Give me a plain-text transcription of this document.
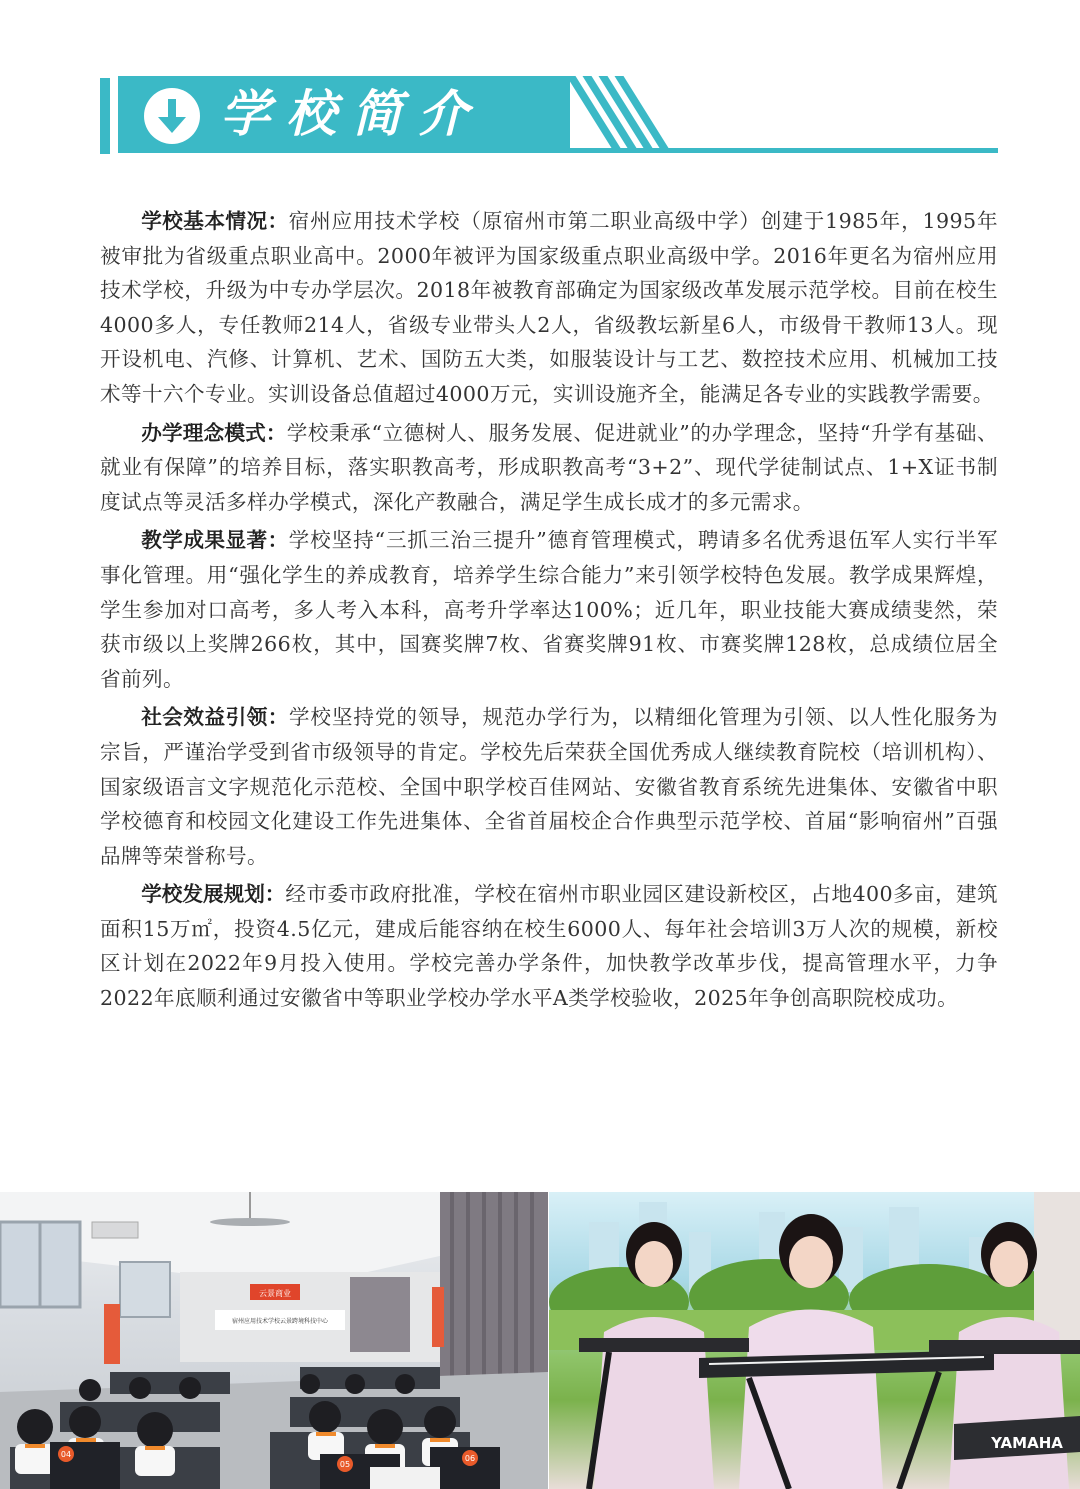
学校简介

学校基本情况：宿州应用技术学校（原宿州市第二职业高级中学）创建于1985年，1995年被审批为省级重点职业高中。2000年被评为国家级重点职业高级中学。2016年更名为宿州应用技术学校，升级为中专办学层次。2018年被教育部确定为国家级改革发展示范学校。目前在校生4000多人，专任教师214人，省级专业带头人2人，省级教坛新星6人，市级骨干教师13人。现开设机电、汽修、计算机、艺术、国防五大类，如服装设计与工艺、数控技术应用、机械加工技术等十六个专业。实训设备总值超过4000万元，实训设施齐全，能满足各专业的实践教学需要。

办学理念模式：学校秉承“立德树人、服务发展、促进就业”的办学理念，坚持“升学有基础、就业有保障”的培养目标，落实职教高考，形成职教高考“3+2”、现代学徒制试点、1+X证书制度试点等灵活多样办学模式，深化产教融合，满足学生成长成才的多元需求。

教学成果显著：学校坚持“三抓三治三提升”德育管理模式，聘请多名优秀退伍军人实行半军事化管理。用“强化学生的养成教育，培养学生综合能力”来引领学校特色发展。教学成果辉煌，学生参加对口高考，多人考入本科，高考升学率达100%；近几年，职业技能大赛成绩斐然，荣获市级以上奖牌266枚，其中，国赛奖牌7枚、省赛奖牌91枚、市赛奖牌128枚，总成绩位居全省前列。

社会效益引领：学校坚持党的领导，规范办学行为，以精细化管理为引领、以人性化服务为宗旨，严谨治学受到省市级领导的肯定。学校先后荣获全国优秀成人继续教育院校（培训机构）、国家级语言文字规范化示范校、全国中职学校百佳网站、安徽省教育系统先进集体、安徽省中职学校德育和校园文化建设工作先进集体、全省首届校企合作典型示范学校、首届“影响宿州”百强品牌等荣誉称号。

学校发展规划：经市委市政府批准，学校在宿州市职业园区建设新校区，占地400多亩，建筑面积15万㎡，投资4.5亿元，建成后能容纳在校生6000人、每年社会培训3万人次的规模，新校区计划在2022年9月投入使用。学校完善办学条件，加快教学改革步伐，提高管理水平，力争2022年底顺利通过安徽省中等职业学校办学水平A类学校验收，2025年争创高职院校成功。

云景商业
宿州应用技术学校云景跨境科技中心
04
05
06
YAMAHA
